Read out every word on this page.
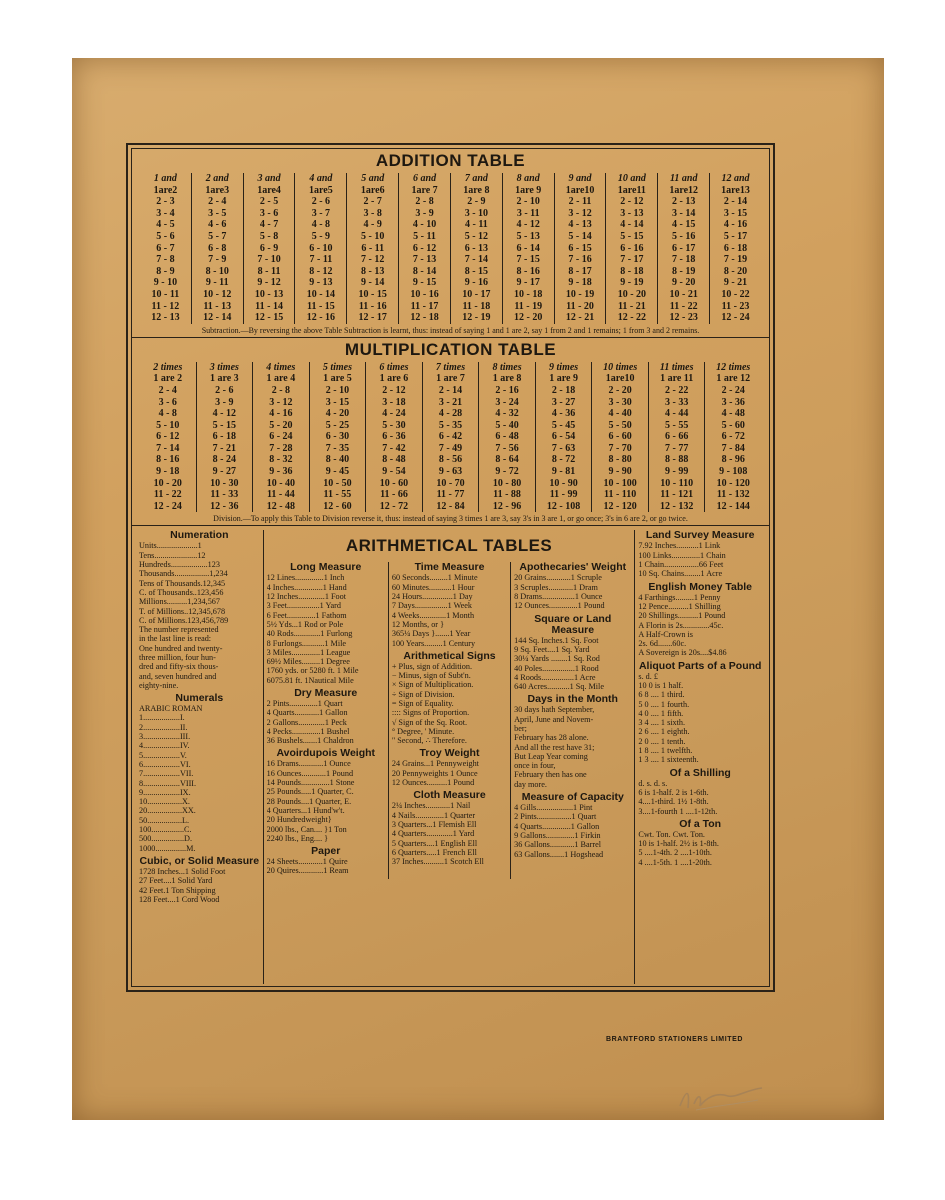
ADDITION TABLE
1 and
1are2
2 - 3
3 - 4
4 - 5
5 - 6
6 - 7
7 - 8
8 - 9
9 - 10
10 - 11
11 - 12
12 - 13
2 and
1are3
2 - 4
3 - 5
4 - 6
5 - 7
6 - 8
7 - 9
8 - 10
9 - 11
10 - 12
11 - 13
12 - 14
3 and
1are4
2 - 5
3 - 6
4 - 7
5 - 8
6 - 9
7 - 10
8 - 11
9 - 12
10 - 13
11 - 14
12 - 15
4 and
1are5
2 - 6
3 - 7
4 - 8
5 - 9
6 - 10
7 - 11
8 - 12
9 - 13
10 - 14
11 - 15
12 - 16
5 and
1are6
2 - 7
3 - 8
4 - 9
5 - 10
6 - 11
7 - 12
8 - 13
9 - 14
10 - 15
11 - 16
12 - 17
6 and
1are 7
2 - 8
3 - 9
4 - 10
5 - 11
6 - 12
7 - 13
8 - 14
9 - 15
10 - 16
11 - 17
12 - 18
7 and
1are 8
2 - 9
3 - 10
4 - 11
5 - 12
6 - 13
7 - 14
8 - 15
9 - 16
10 - 17
11 - 18
12 - 19
8 and
1are 9
2 - 10
3 - 11
4 - 12
5 - 13
6 - 14
7 - 15
8 - 16
9 - 17
10 - 18
11 - 19
12 - 20
9 and
1are10
2 - 11
3 - 12
4 - 13
5 - 14
6 - 15
7 - 16
8 - 17
9 - 18
10 - 19
11 - 20
12 - 21
10 and
1are11
2 - 12
3 - 13
4 - 14
5 - 15
6 - 16
7 - 17
8 - 18
9 - 19
10 - 20
11 - 21
12 - 22
11 and
1are12
2 - 13
3 - 14
4 - 15
5 - 16
6 - 17
7 - 18
8 - 19
9 - 20
10 - 21
11 - 22
12 - 23
12 and
1are13
2 - 14
3 - 15
4 - 16
5 - 17
6 - 18
7 - 19
8 - 20
9 - 21
10 - 22
11 - 23
12 - 24
Subtraction.—By reversing the above Table Subtraction is learnt, thus: instead of saying 1 and 1 are 2, say 1 from 2 and 1 remains; 1 from 3 and 2 remains.
MULTIPLICATION TABLE
2 times
1 are 2
2 - 4
3 - 6
4 - 8
5 - 10
6 - 12
7 - 14
8 - 16
9 - 18
10 - 20
11 - 22
12 - 24
3 times
1 are 3
2 - 6
3 - 9
4 - 12
5 - 15
6 - 18
7 - 21
8 - 24
9 - 27
10 - 30
11 - 33
12 - 36
4 times
1 are 4
2 - 8
3 - 12
4 - 16
5 - 20
6 - 24
7 - 28
8 - 32
9 - 36
10 - 40
11 - 44
12 - 48
5 times
1 are 5
2 - 10
3 - 15
4 - 20
5 - 25
6 - 30
7 - 35
8 - 40
9 - 45
10 - 50
11 - 55
12 - 60
6 times
1 are 6
2 - 12
3 - 18
4 - 24
5 - 30
6 - 36
7 - 42
8 - 48
9 - 54
10 - 60
11 - 66
12 - 72
7 times
1 are 7
2 - 14
3 - 21
4 - 28
5 - 35
6 - 42
7 - 49
8 - 56
9 - 63
10 - 70
11 - 77
12 - 84
8 times
1 are 8
2 - 16
3 - 24
4 - 32
5 - 40
6 - 48
7 - 56
8 - 64
9 - 72
10 - 80
11 - 88
12 - 96
9 times
1 are 9
2 - 18
3 - 27
4 - 36
5 - 45
6 - 54
7 - 63
8 - 72
9 - 81
10 - 90
11 - 99
12 - 108
10 times
1are10
2 - 20
3 - 30
4 - 40
5 - 50
6 - 60
7 - 70
8 - 80
9 - 90
10 - 100
11 - 110
12 - 120
11 times
1 are 11
2 - 22
3 - 33
4 - 44
5 - 55
6 - 66
7 - 77
8 - 88
9 - 99
10 - 110
11 - 121
12 - 132
12 times
1 are 12
2 - 24
3 - 36
4 - 48
5 - 60
6 - 72
7 - 84
8 - 96
9 - 108
10 - 120
11 - 132
12 - 144
Division.—To apply this Table to Division reverse it, thus: instead of saying 3 times 1 are 3, say 3's in 3 are 1, or go once; 3's in 6 are 2, or go twice.
Numeration
Units....................1
Tens.....................12
Hundreds..................123
Thousands.................1,234
Tens of Thousands.12,345
C. of Thousands..123,456
Millions..........1,234,567
T. of Millions..12,345,678
C. of Millions.123,456,789
The number represented
in the last line is read:
One hundred and twenty-
three million, four hun-
dred and fifty-six thous-
and, seven hundred and
eighty-nine.
Numerals
ARABIC ROMAN
1..................I.
2..................II.
3..................III.
4..................IV.
5..................V.
6..................VI.
7..................VII.
8..................VIII.
9..................IX.
10.................X.
20.................XX.
50.................L.
100................C.
500................D.
1000...............M.
Cubic, or Solid Measure
1728 Inches...1 Solid Foot
27 Feet....1 Solid Yard
42 Feet.1 Ton Shipping
128 Feet....1 Cord Wood
ARITHMETICAL TABLES
Long Measure
12 Lines..............1 Inch
4 Inches..............1 Hand
12 Inches.............1 Foot
3 Feet................1 Yard
6 Feet..............1 Fathom
5½ Yds...1 Rod or Pole
40 Rods.............1 Furlong
8 Furlongs...........1 Mile
3 Miles..............1 League
69½ Miles.........1 Degree
1760 yds. or 5280 ft. 1 Mile
6075.81 ft. 1Nautical Mile
Dry Measure
2 Pints..............1 Quart
4 Quarts............1 Gallon
2 Gallons.............1 Peck
4 Pecks..............1 Bushel
36 Bushels.......1 Chaldron
Avoirdupois Weight
16 Drams............1 Ounce
16 Ounces............1 Pound
14 Pounds..............1 Stone
25 Pounds.....1 Quarter, C.
28 Pounds....1 Quarter, E.
4 Quarters...1 Hund'w't.
20 Hundredweight}
2000 lbs., Can.... }1 Ton
2240 lbs., Eng.... }
Paper
24 Sheets............1 Quire
20 Quires............1 Ream
Time Measure
60 Seconds.........1 Minute
60 Minutes...........1 Hour
24 Hours...............1 Day
7 Days................1 Week
4 Weeks.............1 Month
12 Months, or }
365¼ Days }.......1 Year
100 Years.........1 Century
Arithmetical Signs
+ Plus, sign of Addition.
− Minus, sign of Subt'n.
× Sign of Multiplication.
÷ Sign of Division.
= Sign of Equality.
:::: Signs of Proportion.
√ Sign of the Sq. Root.
° Degree, ' Minute.
" Second, ∴ Therefore.
Troy Weight
24 Grains...1 Pennyweight
20 Pennyweights 1 Ounce
12 Ounces..........1 Pound
Cloth Measure
2¼ Inches............1 Nail
4 Nails..............1 Quarter
3 Quarters...1 Flemish Ell
4 Quarters.............1 Yard
5 Quarters....1 English Ell
6 Quarters.....1 French Ell
37 Inches..........1 Scotch Ell
Apothecaries' Weight
20 Grains............1 Scruple
3 Scruples............1 Dram
8 Drams................1 Ounce
12 Ounces..............1 Pound
Square or Land Measure
144 Sq. Inches.1 Sq. Foot
9 Sq. Feet....1 Sq. Yard
30¼ Yards ........1 Sq. Rod
40 Poles................1 Rood
4 Roods................1 Acre
640 Acres...........1 Sq. Mile
Days in the Month
30 days hath September,
April, June and Novem-
ber;
February has 28 alone.
And all the rest have 31;
But Leap Year coming
once in four,
February then has one
day more.
Measure of Capacity
4 Gills..................1 Pint
2 Pints.................1 Quart
4 Quarts..............1 Gallon
9 Gallons..............1 Firkin
36 Gallons............1 Barrel
63 Gallons.......1 Hogshead
Land Survey Measure
7.92 Inches...........1 Link
100 Links..............1 Chain
1 Chain.................66 Feet
10 Sq. Chains........1 Acre
English Money Table
4 Farthings.........1 Penny
12 Pence..........1 Shilling
20 Shillings..........1 Pound
A Florin is 2s.............45c.
A Half-Crown is
2s. 6d.......60c.
A Sovereign is 20s....$4.86
Aliquot Parts of a Pound
s. d. £
10 0 is 1 half.
6 8 .... 1 third.
5 0 .... 1 fourth.
4 0 .... 1 fifth.
3 4 .... 1 sixth.
2 6 .... 1 eighth.
2 0 .... 1 tenth.
1 8 .... 1 twelfth.
1 3 .... 1 sixteenth.
Of a Shilling
d. s. d. s.
6 is 1-half. 2 is 1-6th.
4....1-third. 1½ 1-8th.
3....1-fourth 1 ....1-12th.
Of a Ton
Cwt. Ton. Cwt. Ton.
10 is 1-half. 2½ is 1-8th.
5 ....1-4th. 2 ....1-10th.
4 ....1-5th. 1 ....1-20th.
BRANTFORD STATIONERS LIMITED
